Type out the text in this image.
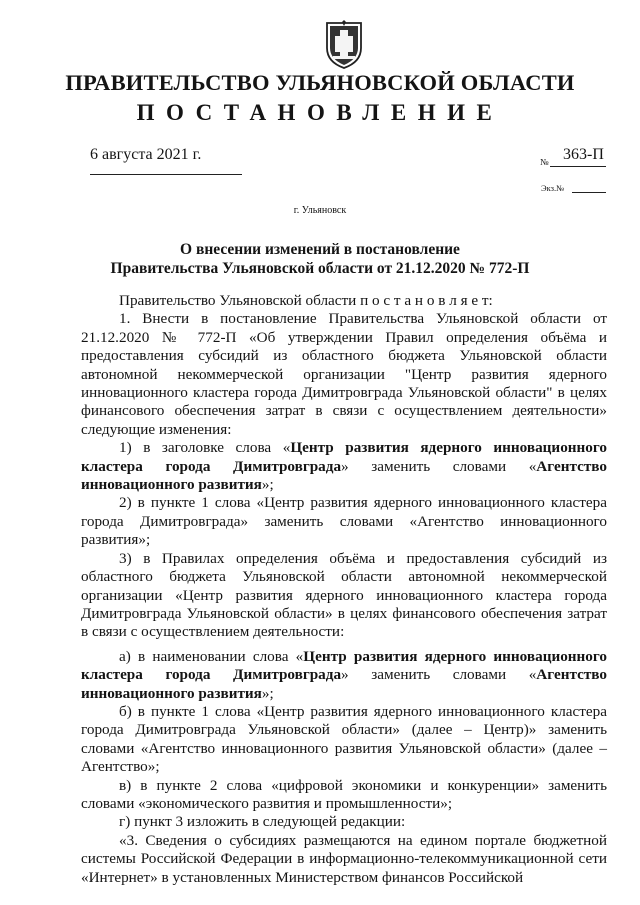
ПРАВИТЕЛЬСТВО УЛЬЯНОВСКОЙ ОБЛАСТИ
ПОСТАНОВЛЕНИЕ
6 августа 2021 г.	№ 363-П
Экз.№
г. Ульяновск
О внесении изменений в постановление
Правительства Ульяновской области от 21.12.2020 № 772-П

Правительство Ульяновской области п о с т а н о в л я е т:

1. Внести в постановление Правительства Ульяновской области от 21.12.2020 № 772-П «Об утверждении Правил определения объёма и предоставления субсидий из областного бюджета Ульяновской области автономной некоммерческой организации "Центр развития ядерного инновационного кластера города Димитровграда Ульяновской области" в целях финансового обеспечения затрат в связи с осуществлением деятельности» следующие изменения:

1) в заголовке слова «Центр развития ядерного инновационного кластера города Димитровграда» заменить словами «Агентство инновационного развития»;

2) в пункте 1 слова «Центр развития ядерного инновационного кластера города Димитровграда» заменить словами «Агентство инновационного развития»;

3) в Правилах определения объёма и предоставления субсидий из областного бюджета Ульяновской области автономной некоммерческой организации «Центр развития ядерного инновационного кластера города Димитровграда Ульяновской области» в целях финансового обеспечения затрат в связи с осуществлением деятельности:

а) в наименовании слова «Центр развития ядерного инновационного кластера города Димитровграда» заменить словами «Агентство инновационного развития»;

б) в пункте 1 слова «Центр развития ядерного инновационного кластера города Димитровграда Ульяновской области» (далее – Центр)» заменить словами «Агентство инновационного развития Ульяновской области» (далее – Агентство»;

в) в пункте 2 слова «цифровой экономики и конкуренции» заменить словами «экономического развития и промышленности»;

г) пункт 3 изложить в следующей редакции:

«3. Сведения о субсидиях размещаются на едином портале бюджетной системы Российской Федерации в информационно-телекоммуникационной сети «Интернет» в установленных Министерством финансов Российской
